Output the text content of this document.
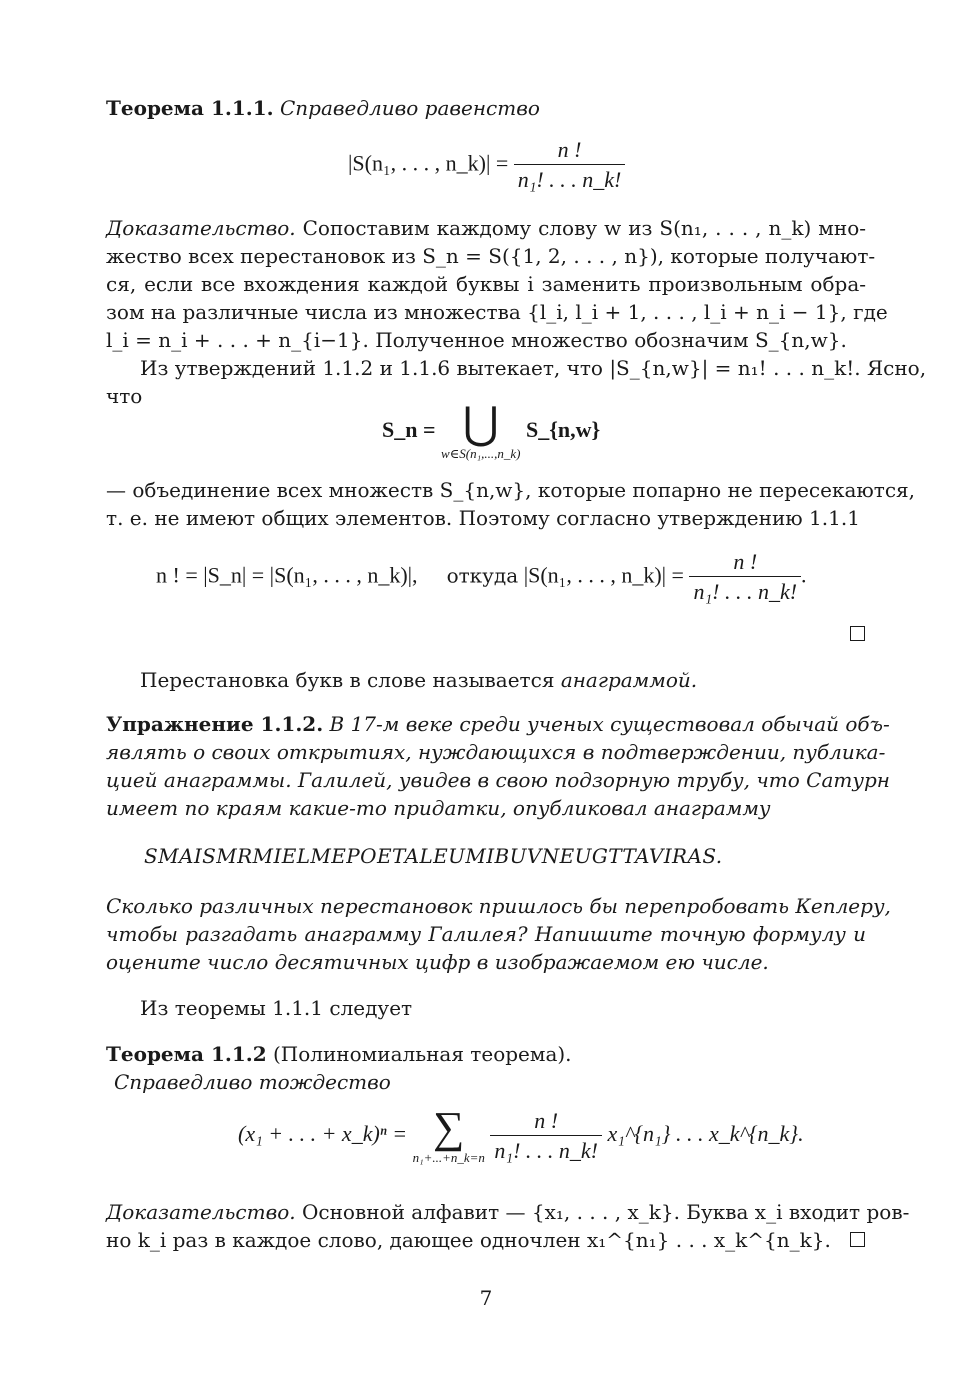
Теорема 1.1.1. Справедливо равенство
|S(n₁, . . . , n_k)| = $\frac{n !}{\text{n₁! . . . n\_k!}}$
Доказательство. Сопоставим каждому слову w из S(n₁, . . . , n_k) мно-
жество всех перестановок из S_n = S({1, 2, . . . , n}), которые получают-
ся, если все вхождения каждой буквы i заменить произвольным обра-
зом на различные числа из множества {l_i, l_i + 1, . . . , l_i + n_i − 1}, где
l_i = n_i + . . . + n_{i−1}. Полученное множество обозначим S_{n,w}.
Из утверждений 1.1.2 и 1.1.6 вытекает, что |S_{n,w}| = n₁! . . . n_k!. Ясно,
что
S_n = ⋃
w∈S(n₁,...,n_k)
S_{n,w}
— объединение всех множеств S_{n,w}, которые попарно не пересекаются,
т. е. не имеют общих элементов. Поэтому согласно утверждению 1.1.1
n ! = |S_n| = |S(n₁, . . . , n_k)|, откуда |S(n₁, . . . , n_k)| = $\frac{n !}{\text{n₁! . . . n\_k!}}$ .
Перестановка букв в слове называется анаграммой.
Упражнение 1.1.2. В 17-м веке среди ученых существовал обычай объ-
являть о своих открытиях, нуждающихся в подтверждении, публика-
цией анаграммы. Галилей, увидев в свою подзорную трубу, что Сатурн
имеет по краям какие-то придатки, опубликовал анаграмму
SMAISMRMIELMEPOETALEUMIBUVNEUGTTAVIRAS.
Сколько различных перестановок пришлось бы перепробовать Кеплеру,
чтобы разгадать анаграмму Галилея? Напишите точную формулу и
оцените число десятичных цифр в изображаемом ею числе.
Из теоремы 1.1.1 следует
Теорема 1.1.2 (Полиномиальная теорема).
Справедливо тождество
(x₁ + . . . + x_k)ⁿ = ∑
n₁+...+n_k=n
$\frac{n !}{\text{n₁! . . . n\_k!}}$ x₁^{n₁} . . . x_k^{n_k}.
Доказательство. Основной алфавит — {x₁, . . . , x_k}. Буква x_i входит ров-
но k_i раз в каждое слово, дающее одночлен x₁^{n₁} . . . x_k^{n_k}.
7
